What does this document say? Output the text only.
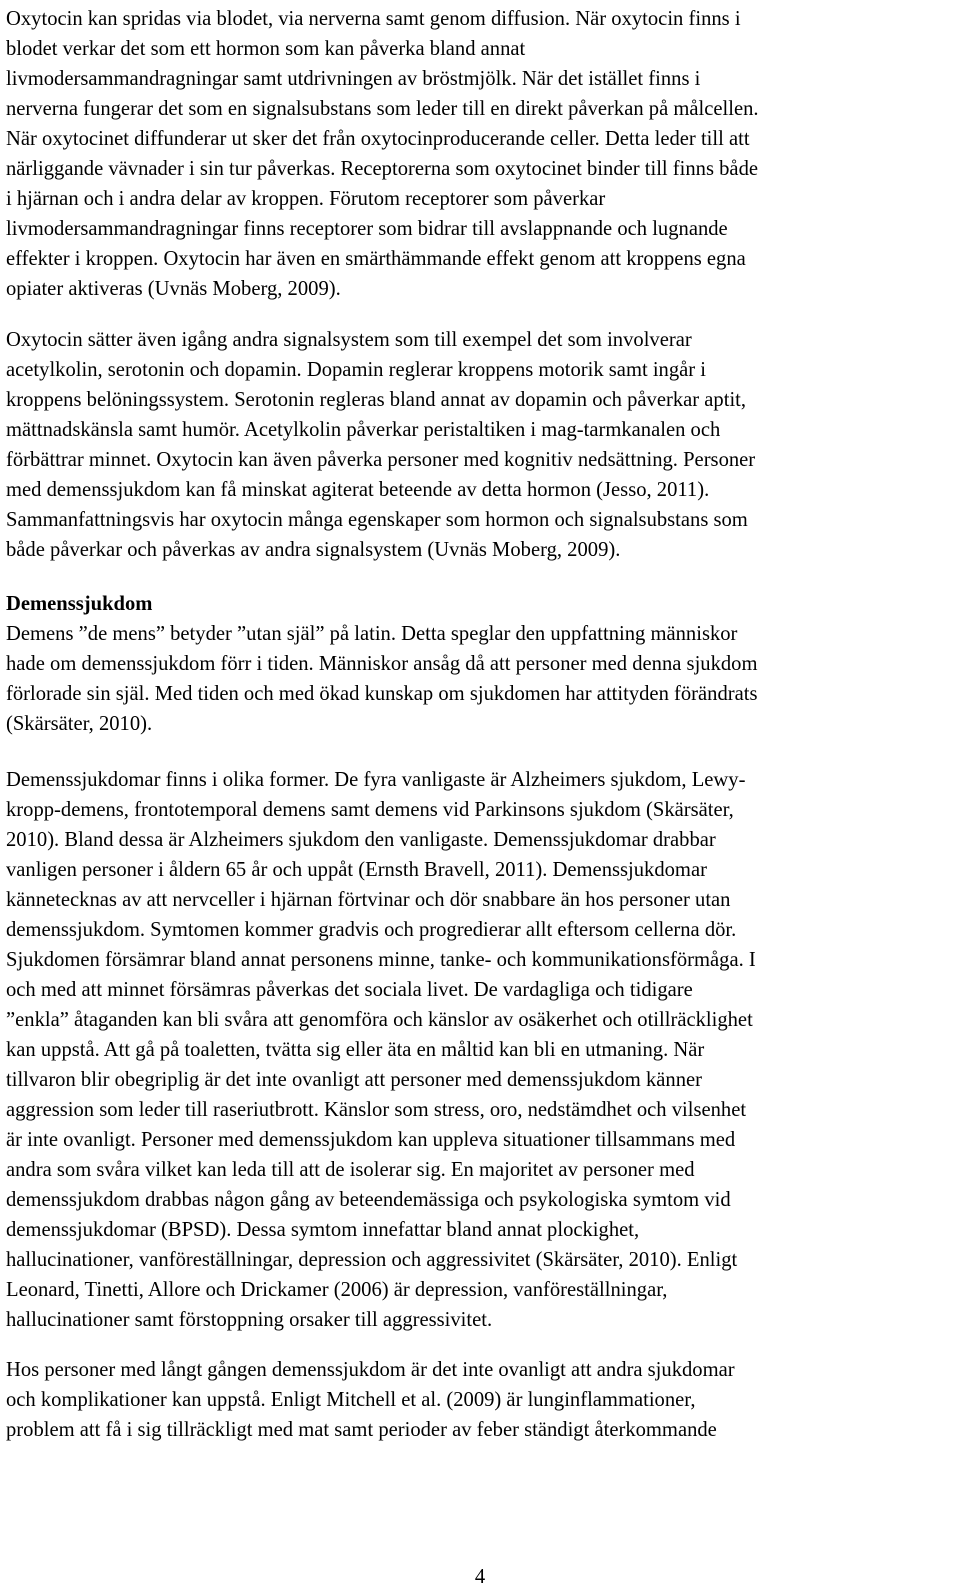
Oxytocin kan spridas via blodet, via nerverna samt genom diffusion. När oxytocin finns i
blodet verkar det som ett hormon som kan påverka bland annat
livmodersammandragningar samt utdrivningen av bröstmjölk. När det istället finns i
nerverna fungerar det som en signalsubstans som leder till en direkt påverkan på målcellen.
När oxytocinet diffunderar ut sker det från oxytocinproducerande celler. Detta leder till att
närliggande vävnader i sin tur påverkas. Receptorerna som oxytocinet binder till finns både
i hjärnan och i andra delar av kroppen. Förutom receptorer som påverkar
livmodersammandragningar finns receptorer som bidrar till avslappnande och lugnande
effekter i kroppen. Oxytocin har även en smärthämmande effekt genom att kroppens egna
opiater aktiveras (Uvnäs Moberg, 2009).
Oxytocin sätter även igång andra signalsystem som till exempel det som involverar
acetylkolin, serotonin och dopamin. Dopamin reglerar kroppens motorik samt ingår i
kroppens belöningssystem. Serotonin regleras bland annat av dopamin och påverkar aptit,
mättnadskänsla samt humör. Acetylkolin påverkar peristaltiken i mag-tarmkanalen och
förbättrar minnet. Oxytocin kan även påverka personer med kognitiv nedsättning. Personer
med demenssjukdom kan få minskat agiterat beteende av detta hormon (Jesso, 2011).
Sammanfattningsvis har oxytocin många egenskaper som hormon och signalsubstans som
både påverkar och påverkas av andra signalsystem (Uvnäs Moberg, 2009).
Demenssjukdom
Demens ”de mens” betyder ”utan själ” på latin. Detta speglar den uppfattning människor
hade om demenssjukdom förr i tiden. Människor ansåg då att personer med denna sjukdom
förlorade sin själ. Med tiden och med ökad kunskap om sjukdomen har attityden förändrats
(Skärsäter, 2010).
Demenssjukdomar finns i olika former. De fyra vanligaste är Alzheimers sjukdom, Lewy-
kropp-demens, frontotemporal demens samt demens vid Parkinsons sjukdom (Skärsäter,
2010). Bland dessa är Alzheimers sjukdom den vanligaste. Demenssjukdomar drabbar
vanligen personer i åldern 65 år och uppåt (Ernsth Bravell, 2011). Demenssjukdomar
kännetecknas av att nervceller i hjärnan förtvinar och dör snabbare än hos personer utan
demenssjukdom. Symtomen kommer gradvis och progredierar allt eftersom cellerna dör.
Sjukdomen försämrar bland annat personens minne, tanke- och kommunikationsförmåga. I
och med att minnet försämras påverkas det sociala livet. De vardagliga och tidigare
”enkla” åtaganden kan bli svåra att genomföra och känslor av osäkerhet och otillräcklighet
kan uppstå. Att gå på toaletten, tvätta sig eller äta en måltid kan bli en utmaning. När
tillvaron blir obegriplig är det inte ovanligt att personer med demenssjukdom känner
aggression som leder till raseriutbrott. Känslor som stress, oro, nedstämdhet och vilsenhet
är inte ovanligt. Personer med demenssjukdom kan uppleva situationer tillsammans med
andra som svåra vilket kan leda till att de isolerar sig. En majoritet av personer med
demenssjukdom drabbas någon gång av beteendemässiga och psykologiska symtom vid
demenssjukdomar (BPSD). Dessa symtom innefattar bland annat plockighet,
hallucinationer, vanföreställningar, depression och aggressivitet (Skärsäter, 2010). Enligt
Leonard, Tinetti, Allore och Drickamer (2006) är depression, vanföreställningar,
hallucinationer samt förstoppning orsaker till aggressivitet.
Hos personer med långt gången demenssjukdom är det inte ovanligt att andra sjukdomar
och komplikationer kan uppstå. Enligt Mitchell et al. (2009) är lunginflammationer,
problem att få i sig tillräckligt med mat samt perioder av feber ständigt återkommande
4
